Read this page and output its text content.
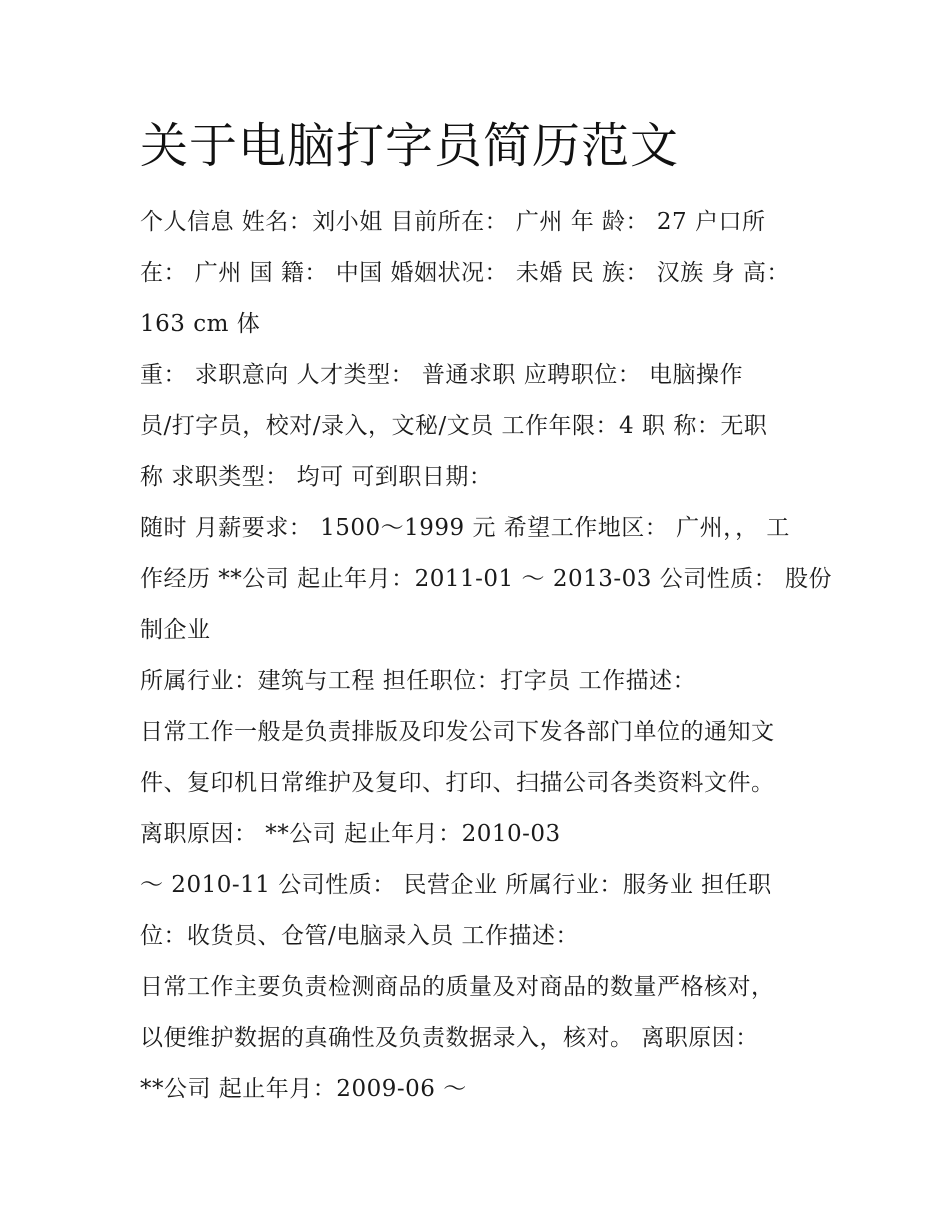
关于电脑打字员简历范文
个人信息 姓名：刘小姐 目前所在： 广州 年 龄： 27 户口所
在： 广州 国 籍： 中国 婚姻状况： 未婚 民 族： 汉族 身 高：
163 cm 体
重： 求职意向 人才类型： 普通求职 应聘职位： 电脑操作
员/打字员，校对/录入，文秘/文员 工作年限：4 职 称：无职
称 求职类型： 均可 可到职日期：
随时 月薪要求： 1500～1999 元 希望工作地区： 广州，， 工
作经历 **公司 起止年月：2011-01 ～ 2013-03 公司性质： 股份
制企业
所属行业：建筑与工程 担任职位：打字员 工作描述：
日常工作一般是负责排版及印发公司下发各部门单位的通知文
件、复印机日常维护及复印、打印、扫描公司各类资料文件。
离职原因： **公司 起止年月：2010-03
～ 2010-11 公司性质： 民营企业 所属行业：服务业 担任职
位：收货员、仓管/电脑录入员 工作描述：
日常工作主要负责检测商品的质量及对商品的数量严格核对，
以便维护数据的真确性及负责数据录入，核对。 离职原因：
**公司 起止年月：2009-06 ～
